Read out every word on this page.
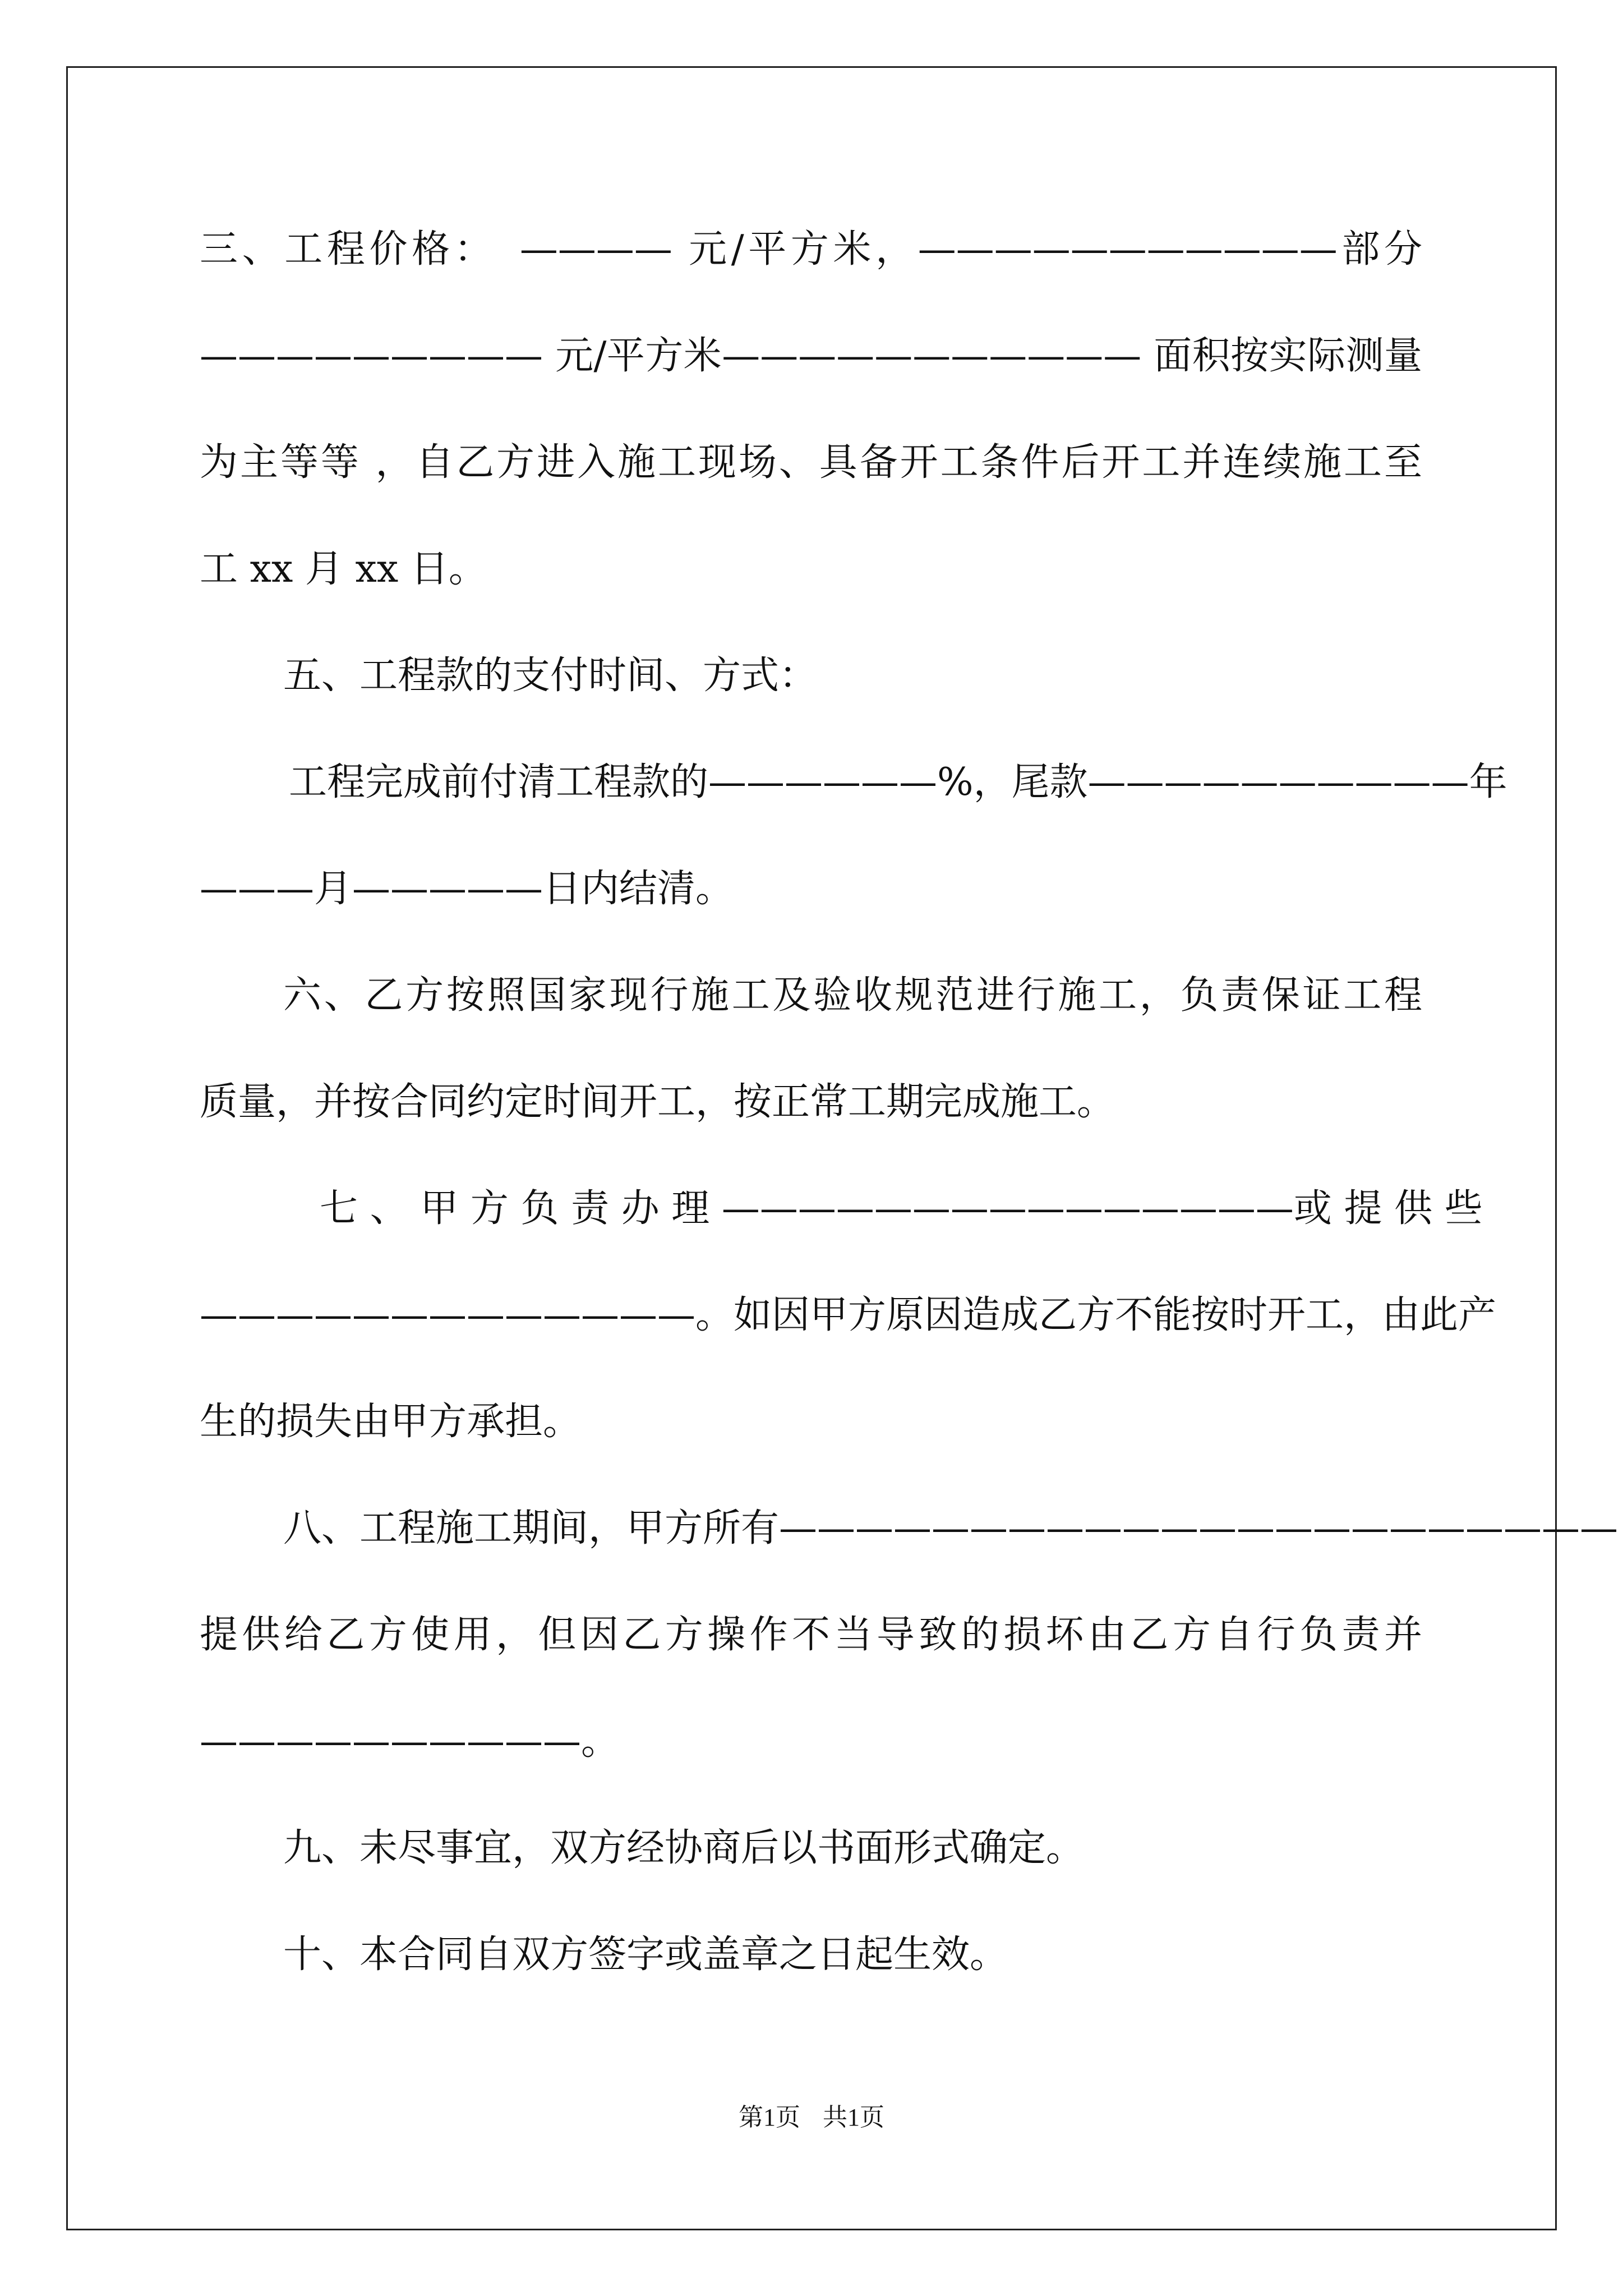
三、工程价格：　———— 元/平方米，———————————部分

————————— 元/平方米——————————— 面积按实际测量

为主等等 ，自乙方进入施工现场、具备开工条件后开工并连续施工至

工 xx 月 xx 日。

五、工程款的支付时间、方式：

工程完成前付清工程款的——————%，尾款——————————年

———月—————日内结清。

六、乙方按照国家现行施工及验收规范进行施工，负责保证工程

质量，并按合同约定时间开工，按正常工期完成施工。

七 、 甲 方 负 责 办 理 ———————————————或 提 供 些

—————————————。如因甲方原因造成乙方不能按时开工，由此产

生的损失由甲方承担。

八、工程施工期间，甲方所有——————————————————————

提供给乙方使用，但因乙方操作不当导致的损坏由乙方自行负责并

——————————。

九、未尽事宜，双方经协商后以书面形式确定。

十、本合同自双方签字或盖章之日起生效。

第1页 共1页
